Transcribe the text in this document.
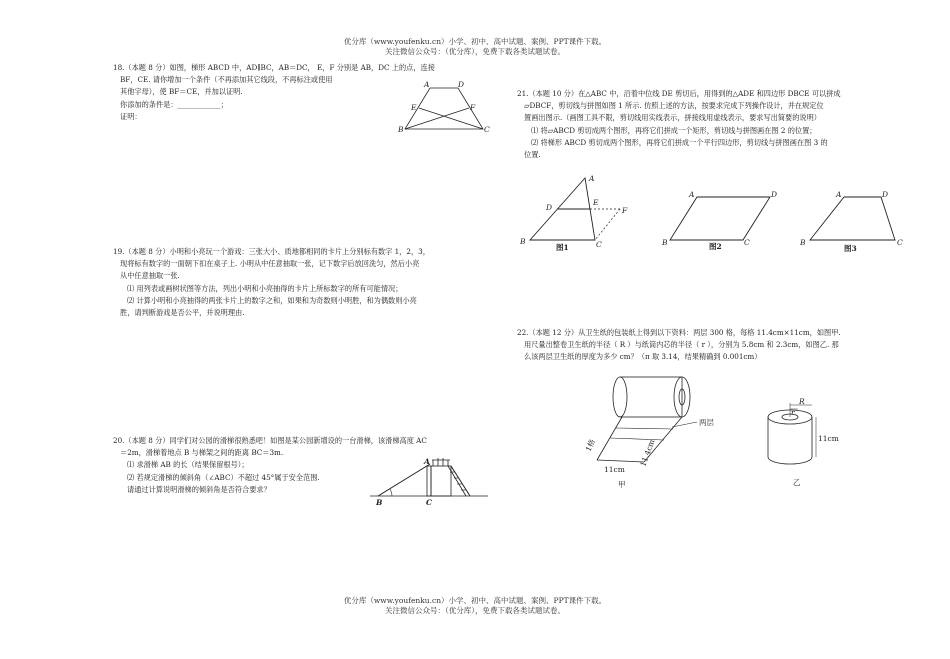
优分库（www.youfenku.cn）小学、初中、高中试题、案例、PPT课件下载。
关注微信公众号：（优分库），免费下载各类试题试卷。
18.（本题 8 分）如图，梯形 ABCD 中，AD∥BC，AB＝DC， E，F 分别是 AB，DC 上的点，连接
BF，CE. 请你增加一个条件（不再添加其它线段，不再标注或使用
其他字母），使 BF＝CE，并加以证明.
你添加的条件是：____________；
证明：
A	D
E	F
B	C
19.（本题 8 分）小明和小亮玩一个游戏：三张大小、质地都相同的卡片上分别标有数字 1，2，3，
现将标有数字的一面朝下扣在桌子上. 小明从中任意抽取一张，记下数字后放回洗匀，然后小亮
从中任意抽取一张.
⑴ 用列表或画树状图等方法，列出小明和小亮抽得的卡片上所标数字的所有可能情况；
⑵ 计算小明和小亮抽得的两张卡片上的数字之和，如果和为奇数则小明胜，和为偶数则小亮
胜，请判断游戏是否公平，并说明理由.
20.（本题 8 分）同学们对公园的滑梯很熟悉吧！如图是某公园新增设的一台滑梯，该滑梯高度 AC
＝2m，滑梯着地点 B 与梯架之间的距离 BC＝3m.
⑴ 求滑梯 AB 的长（结果保留根号）；
⑵ 若规定滑梯的倾斜角（∠ABC）不超过 45°属于安全范围.
请通过计算说明滑梯的倾斜角是否符合要求？
A
B	C
21.（本题 10 分）在△ABC 中，沿着中位线 DE 剪切后，用得到的△ADE 和四边形 DBCE 可以拼成
▱DBCF，剪切线与拼图如图 1 所示. 仿照上述的方法，按要求完成下列操作设计，并在规定位
置画出图示.（画图工具不限，剪切线用实线表示，拼接线用虚线表示，要求写出简要的说明）
⑴ 将▱ABCD 剪切成两个图形，再将它们拼成一个矩形，剪切线与拼图画在图 2 的位置；
⑵ 将梯形 ABCD 剪切成两个图形，再将它们拼成一个平行四边形，剪切线与拼图画在图 3 的
位置.
A
D
E
F
B	C
图1
A	D
B	C
图2
A	D
B	C
图3
22.（本题 12 分）从卫生纸的包装纸上得到以下资料：两层 300 格，每格 11.4cm×11cm，如图甲.
用尺量出整卷卫生纸的半径（ R ）与纸筒内芯的半径（ r ），分别为 5.8cm 和 2.3cm，如图乙. 那
么该两层卫生纸的厚度为多少 cm？（π 取 3.14，结果精确到 0.001cm）
两层
1格	11.4cm
11cm
甲
R
r
11cm
乙
优分库（www.youfenku.cn）小学、初中、高中试题、案例、PPT课件下载。
关注微信公众号：（优分库），免费下载各类试题试卷。
